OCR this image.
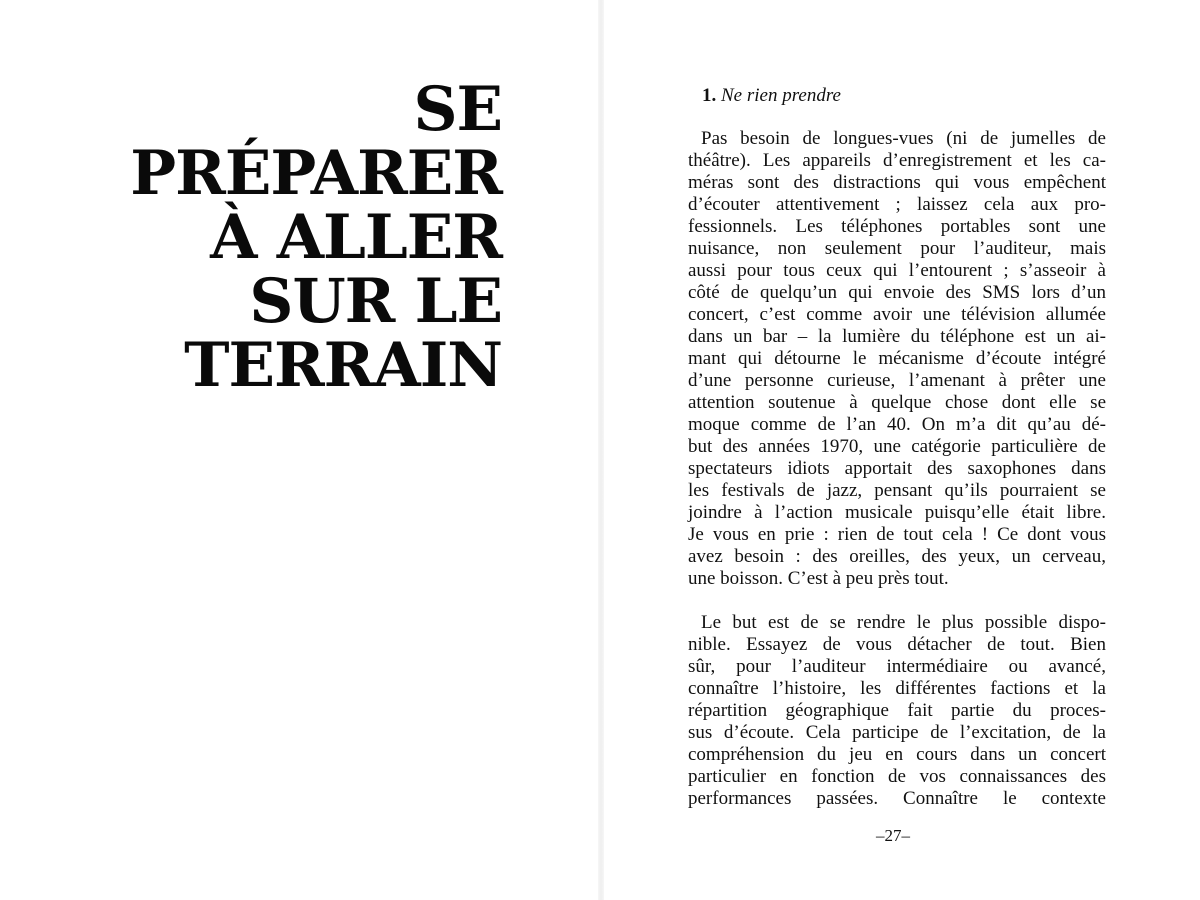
SE
PRÉPARER
À ALLER
SUR LE
TERRAIN
1. Ne rien prendre
Pas besoin de longues-vues (ni de jumelles de
théâtre). Les appareils d’enregistrement et les ca-
méras sont des distractions qui vous empêchent
d’écouter attentivement ; laissez cela aux pro-
fessionnels. Les téléphones portables sont une
nuisance, non seulement pour l’auditeur, mais
aussi pour tous ceux qui l’entourent ; s’asseoir à
côté de quelqu’un qui envoie des SMS lors d’un
concert, c’est comme avoir une télévision allumée
dans un bar – la lumière du téléphone est un ai-
mant qui détourne le mécanisme d’écoute intégré
d’une personne curieuse, l’amenant à prêter une
attention soutenue à quelque chose dont elle se
moque comme de l’an 40. On m’a dit qu’au dé-
but des années 1970, une catégorie particulière de
spectateurs idiots apportait des saxophones dans
les festivals de jazz, pensant qu’ils pourraient se
joindre à l’action musicale puisqu’elle était libre.
Je vous en prie : rien de tout cela ! Ce dont vous
avez besoin : des oreilles, des yeux, un cerveau,
une boisson. C’est à peu près tout.
Le but est de se rendre le plus possible dispo-
nible. Essayez de vous détacher de tout. Bien
sûr, pour l’auditeur intermédiaire ou avancé,
connaître l’histoire, les différentes factions et la
répartition géographique fait partie du proces-
sus d’écoute. Cela participe de l’excitation, de la
compréhension du jeu en cours dans un concert
particulier en fonction de vos connaissances des
performances passées. Connaître le contexte
–27–
